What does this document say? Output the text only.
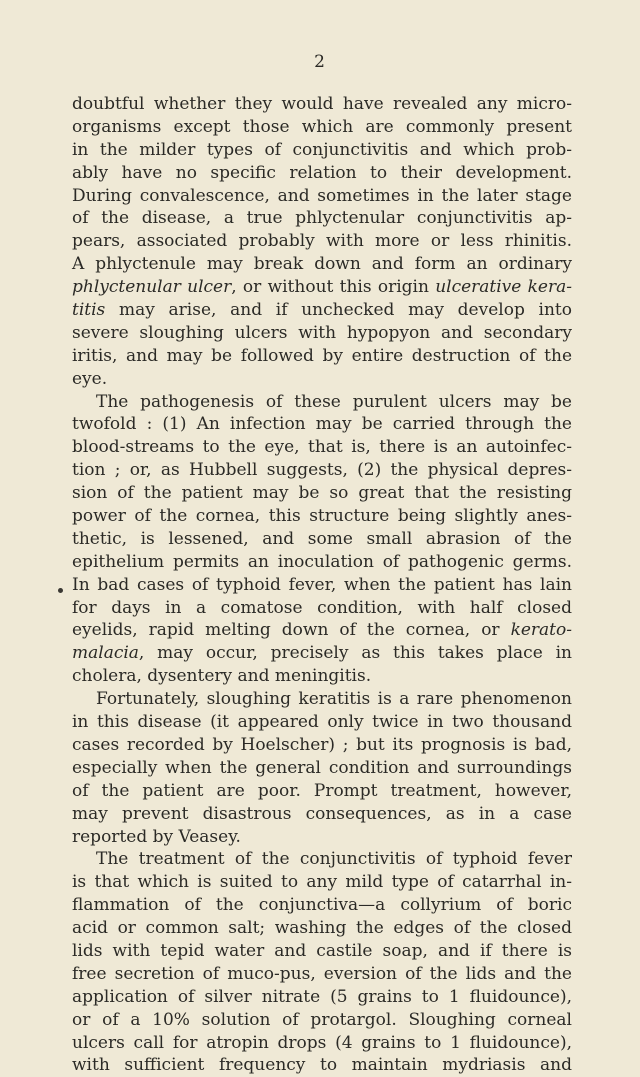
2
doubtful whether they would have revealed any micro-
organisms except those which are commonly present
in the milder types of conjunctivitis and which prob-
ably have no specific relation to their development.
During convalescence, and sometimes in the later stage
of the disease, a true phlyctenular conjunctivitis ap-
pears, associated probably with more or less rhinitis.
A phlyctenule may break down and form an ordinary
phlyctenular ulcer, or without this origin ulcerative kera-
titis may arise, and if unchecked may develop into
severe sloughing ulcers with hypopyon and secondary
iritis, and may be followed by entire destruction of the
eye.
The pathogenesis of these purulent ulcers may be
twofold : (1) An infection may be carried through the
blood-streams to the eye, that is, there is an autoinfec-
tion ; or, as Hubbell suggests, (2) the physical depres-
sion of the patient may be so great that the resisting
power of the cornea, this structure being slightly anes-
thetic, is lessened, and some small abrasion of the
epithelium permits an inoculation of pathogenic germs.
In bad cases of typhoid fever, when the patient has lain
for days in a comatose condition, with half closed
eyelids, rapid melting down of the cornea, or kerato-
malacia, may occur, precisely as this takes place in
cholera, dysentery and meningitis.
Fortunately, sloughing keratitis is a rare phenomenon
in this disease (it appeared only twice in two thousand
cases recorded by Hoelscher) ; but its prognosis is bad,
especially when the general condition and surroundings
of the patient are poor. Prompt treatment, however,
may prevent disastrous consequences, as in a case
reported by Veasey.
The treatment of the conjunctivitis of typhoid fever
is that which is suited to any mild type of catarrhal in-
flammation of the conjunctiva—a collyrium of boric
acid or common salt; washing the edges of the closed
lids with tepid water and castile soap, and if there is
free secretion of muco-pus, eversion of the lids and the
application of silver nitrate (5 grains to 1 fluidounce),
or of a 10% solution of protargol. Sloughing corneal
ulcers call for atropin drops (4 grains to 1 fluidounce),
with sufficient frequency to maintain mydriasis and
